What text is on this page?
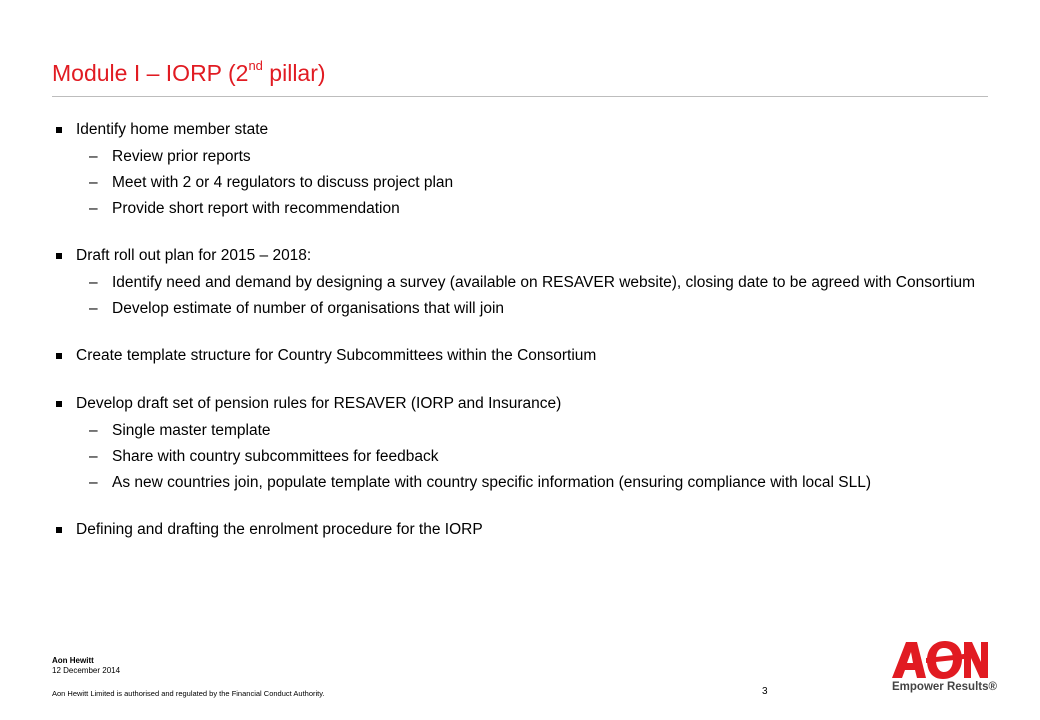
Module I – IORP (2nd pillar)
Identify home member state
– Review prior reports
– Meet with 2 or 4 regulators to discuss project plan
– Provide short report with recommendation
Draft roll out plan for 2015 – 2018:
– Identify need and demand by designing a survey (available on RESAVER website), closing date to be agreed with Consortium
– Develop estimate of number of organisations that will join
Create template structure for Country Subcommittees within the Consortium
Develop draft set of pension rules for RESAVER (IORP and Insurance)
– Single master template
– Share with country subcommittees for feedback
– As new countries join, populate template with country specific information (ensuring compliance with local SLL)
Defining and drafting the enrolment procedure for the IORP
Aon Hewitt
12 December 2014
Aon Hewitt Limited is authorised and regulated by the Financial Conduct Authority.	3	Empower Results®
